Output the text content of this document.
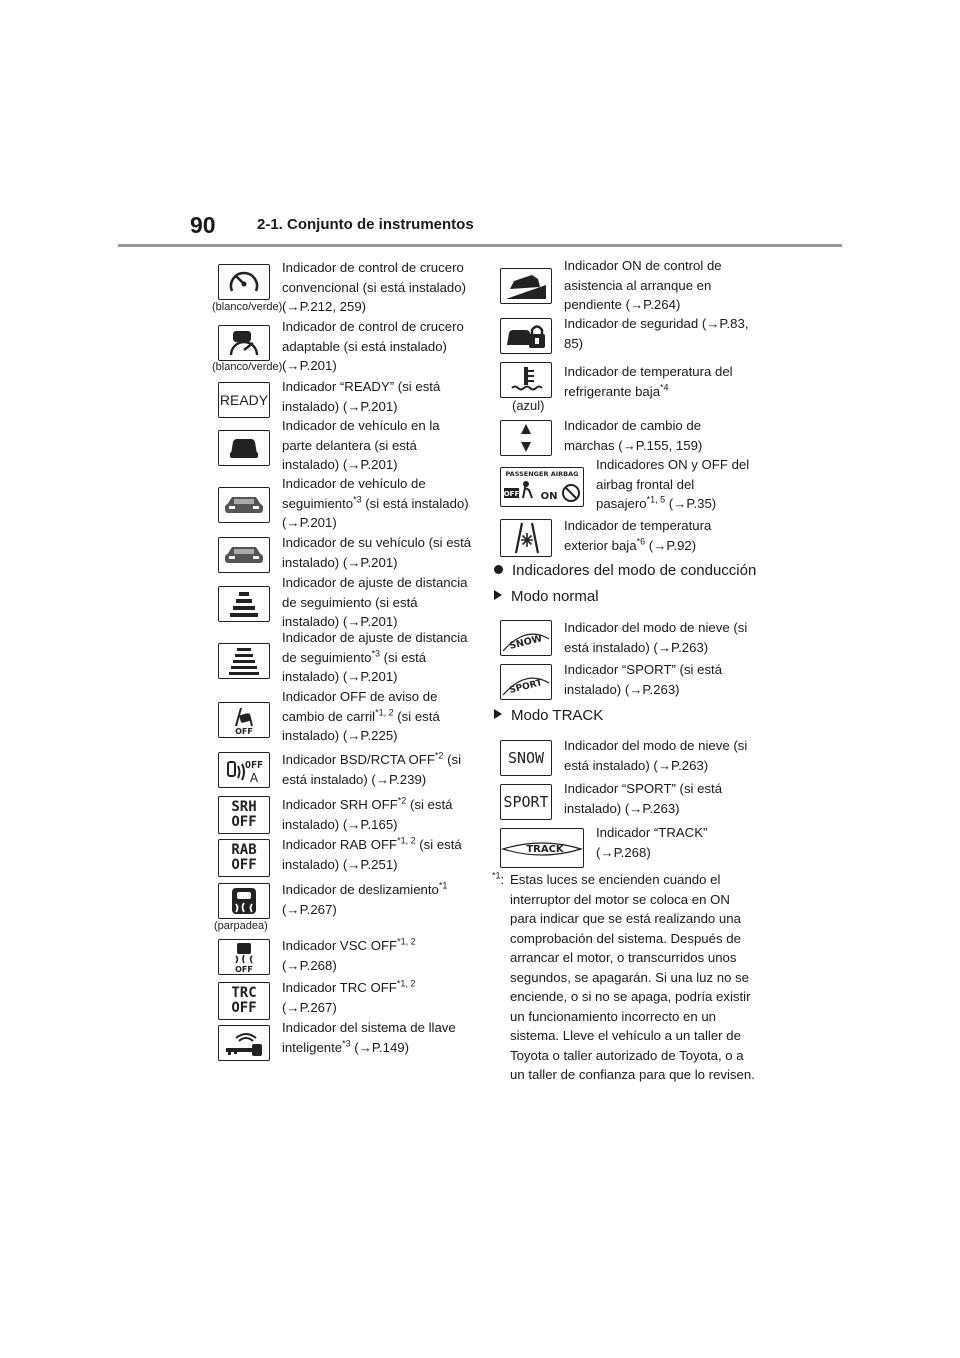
90	2-1. Conjunto de instrumentos
(blanco/verde)
Indicador de control de crucero convencional (si está instalado) (→P.212, 259)
(blanco/verde)
Indicador de control de crucero adaptable (si está instalado) (→P.201)
READY
Indicador “READY” (si está instalado) (→P.201)
Indicador de vehículo en la parte delantera (si está instalado) (→P.201)
Indicador de vehículo de seguimiento$^{*3}$ (si está instalado) (→P.201)
Indicador de su vehículo (si está instalado) (→P.201)
Indicador de ajuste de distancia de seguimiento (si está instalado) (→P.201)
Indicador de ajuste de distancia de seguimiento$^{*3}$ (si está instalado) (→P.201)
OFF
Indicador OFF de aviso de cambio de carril$^{*1, 2}$ (si está instalado) (→P.225)
OFF
A
Indicador BSD/RCTA OFF$^{*2}$ (si está instalado) (→P.239)
SRH
OFF
Indicador SRH OFF$^{*2}$ (si está instalado) (→P.165)
RAB
OFF
Indicador RAB OFF$^{*1, 2}$ (si está instalado) (→P.251)
(parpadea)
Indicador de deslizamiento$^{*1}$ (→P.267)
OFF
Indicador VSC OFF$^{*1, 2}$ (→P.268)
TRC
OFF
Indicador TRC OFF$^{*1, 2}$ (→P.267)
Indicador del sistema de llave inteligente$^{*3}$ (→P.149)
Indicador ON de control de asistencia al arranque en pendiente (→P.264)
Indicador de seguridad (→P.83, 85)
(azul)
Indicador de temperatura del refrigerante baja$^{*4}$
Indicador de cambio de marchas (→P.155, 159)
PASSENGER AIRBAG
OFF ON
Indicadores ON y OFF del airbag frontal del pasajero$^{*1, 5}$ (→P.35)
Indicador de temperatura exterior baja$^{*6}$ (→P.92)
Indicadores del modo de conducción
Modo normal
SNOW
Indicador del modo de nieve (si está instalado) (→P.263)
SPORT
Indicador “SPORT” (si está instalado) (→P.263)
Modo TRACK
SNOW
Indicador del modo de nieve (si está instalado) (→P.263)
SPORT
Indicador “SPORT” (si está instalado) (→P.263)
TRACK
Indicador “TRACK” (→P.268)
$^{*1}$: Estas luces se encienden cuando el interruptor del motor se coloca en ON para indicar que se está realizando una comprobación del sistema. Después de arrancar el motor, o transcurridos unos segundos, se apagarán. Si una luz no se enciende, o si no se apaga, podría existir un funcionamiento incorrecto en un sistema. Lleve el vehículo a un taller de Toyota o taller autorizado de Toyota, o a un taller de confianza para que lo revisen.
